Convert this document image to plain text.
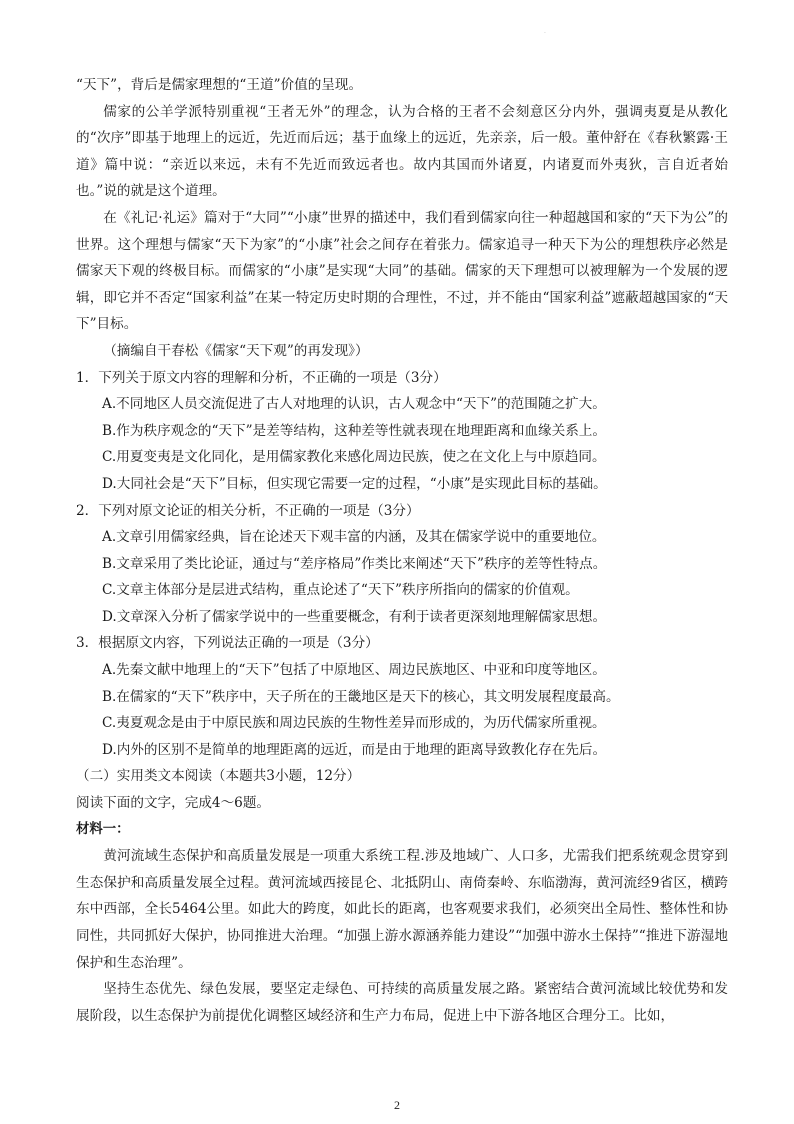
·

“天下”，背后是儒家理想的“王道”价值的呈现。

儒家的公羊学派特别重视“王者无外”的理念，认为合格的王者不会刻意区分内外，强调夷夏是从教化的“次序”即基于地理上的远近，先近而后远；基于血缘上的远近，先亲亲，后一般。董仲舒在《春秋繁露·王道》篇中说：“亲近以来远，未有不先近而致远者也。故内其国而外诸夏，内诸夏而外夷狄，言自近者始也。”说的就是这个道理。

在《礼记·礼运》篇对于“大同”“小康”世界的描述中，我们看到儒家向往一种超越国和家的“天下为公”的世界。这个理想与儒家“天下为家”的“小康”社会之间存在着张力。儒家追寻一种天下为公的理想秩序必然是儒家天下观的终极目标。而儒家的“小康”是实现“大同”的基础。儒家的天下理想可以被理解为一个发展的逻辑，即它并不否定“国家利益”在某一特定历史时期的合理性，不过，并不能由“国家利益”遮蔽超越国家的“天下”目标。

（摘编自干春松《儒家“天下观”的再发现》）

1．下列关于原文内容的理解和分析，不正确的一项是（3分）

A.不同地区人员交流促进了古人对地理的认识，古人观念中“天下”的范围随之扩大。

B.作为秩序观念的“天下”是差等结构，这种差等性就表现在地理距离和血缘关系上。

C.用夏变夷是文化同化，是用儒家教化来感化周边民族，使之在文化上与中原趋同。

D.大同社会是“天下”目标，但实现它需要一定的过程，“小康”是实现此目标的基础。

2．下列对原文论证的相关分析，不正确的一项是（3分）

A.文章引用儒家经典，旨在论述天下观丰富的内涵，及其在儒家学说中的重要地位。

B.文章采用了类比论证，通过与“差序格局”作类比来阐述“天下”秩序的差等性特点。

C.文章主体部分是层进式结构，重点论述了“天下”秩序所指向的儒家的价值观。

D.文章深入分析了儒家学说中的一些重要概念，有利于读者更深刻地理解儒家思想。

3．根据原文内容，下列说法正确的一项是（3分）

A.先秦文献中地理上的“天下”包括了中原地区、周边民族地区、中亚和印度等地区。

B.在儒家的“天下”秩序中，天子所在的王畿地区是天下的核心，其文明发展程度最高。

C.夷夏观念是由于中原民族和周边民族的生物性差异而形成的，为历代儒家所重视。

D.内外的区别不是简单的地理距离的远近，而是由于地理的距离导致教化存在先后。

（二）实用类文本阅读（本题共3小题，12分）

阅读下面的文字，完成4～6题。

材料一：

黄河流域生态保护和高质量发展是一项重大系统工程.涉及地域广、人口多，尤需我们把系统观念贯穿到生态保护和高质量发展全过程。黄河流域西接昆仑、北抵阴山、南倚秦岭、东临渤海，黄河流经9省区，横跨东中西部，全长5464公里。如此大的跨度，如此长的距离，也客观要求我们，必须突出全局性、整体性和协同性，共同抓好大保护，协同推进大治理。“加强上游水源涵养能力建设”“加强中游水土保持”“推进下游湿地保护和生态治理”。

坚持生态优先、绿色发展，要坚定走绿色、可持续的高质量发展之路。紧密结合黄河流域比较优势和发展阶段，以生态保护为前提优化调整区域经济和生产力布局，促进上中下游各地区合理分工。比如，

2
